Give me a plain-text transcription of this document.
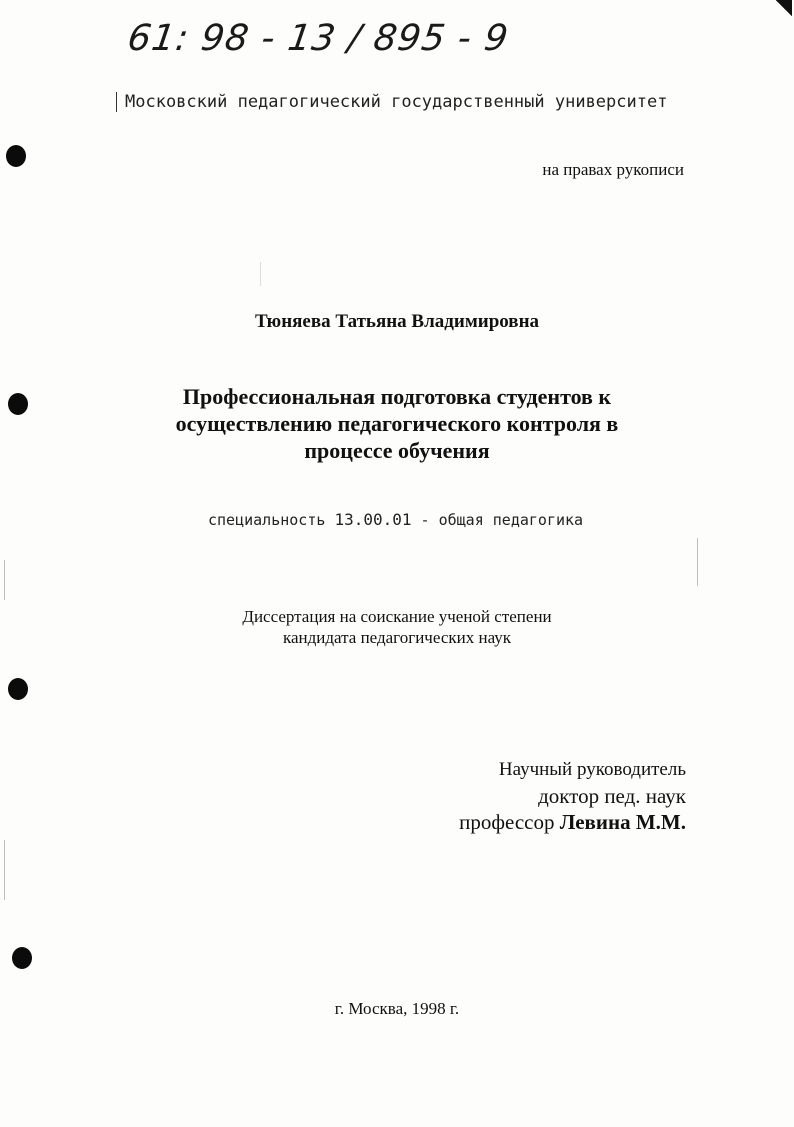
61: 98 - 13 / 895 - 9
Московский педагогический государственный университет
на правах рукописи
Тюняева Татьяна Владимировна
Профессиональная подготовка студентов к
осуществлению педагогического контроля в
процессе обучения
специальность 13.00.01 - общая педагогика
Диссертация на соискание ученой степени
кандидата педагогических наук
Научный руководитель
доктор пед. наук
профессор Левина М.М.
г. Москва, 1998 г.
